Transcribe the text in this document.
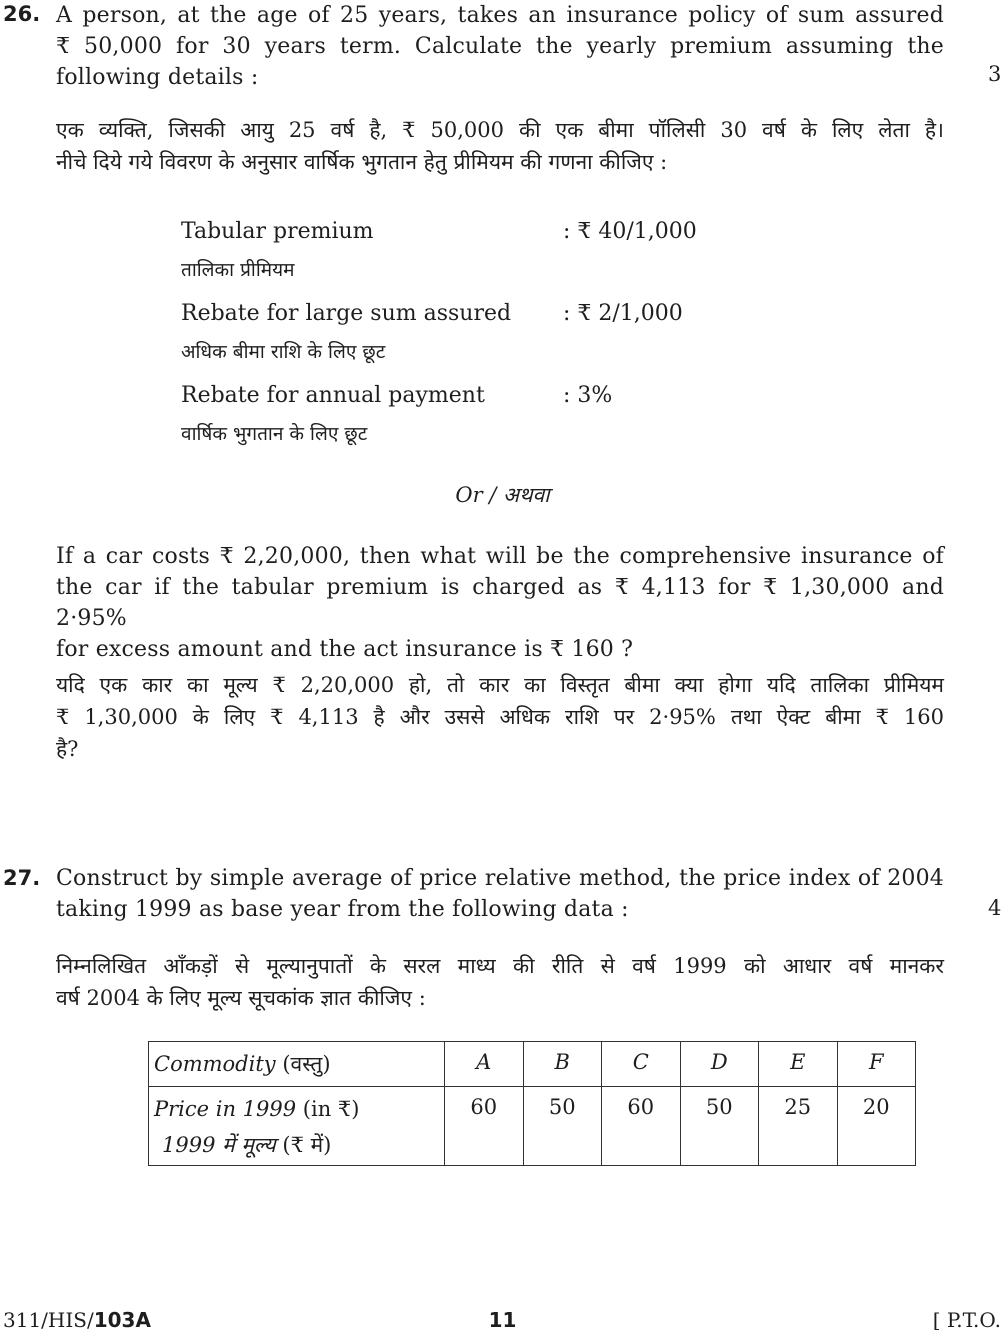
26.
3
A person, at the age of 25 years, takes an insurance policy of sum assured
₹ 50,000 for 30 years term. Calculate the yearly premium assuming the
following details :
एक व्यक्ति, जिसकी आयु 25 वर्ष है, ₹ 50,000 की एक बीमा पॉलिसी 30 वर्ष के लिए लेता है।
नीचे दिये गये विवरण के अनुसार वार्षिक भुगतान हेतु प्रीमियम की गणना कीजिए :
Tabular premium
तालिका प्रीमियम
: ₹ 40/1,000
Rebate for large sum assured
अधिक बीमा राशि के लिए छूट
: ₹ 2/1,000
Rebate for annual payment
वार्षिक भुगतान के लिए छूट
: 3%
Or / अथवा
If a car costs ₹ 2,20,000, then what will be the comprehensive insurance of
the car if the tabular premium is charged as ₹ 4,113 for ₹ 1,30,000 and 2·95%
for excess amount and the act insurance is ₹ 160 ?
यदि एक कार का मूल्य ₹ 2,20,000 हो, तो कार का विस्तृत बीमा क्या होगा यदि तालिका प्रीमियम
₹ 1,30,000 के लिए ₹ 4,113 है और उससे अधिक राशि पर 2·95% तथा ऐक्ट बीमा ₹ 160
है?
27.
4
Construct by simple average of price relative method, the price index of 2004
taking 1999 as base year from the following data :
निम्नलिखित आँकड़ों से मूल्यानुपातों के सरल माध्य की रीति से वर्ष 1999 को आधार वर्ष मानकर
वर्ष 2004 के लिए मूल्य सूचकांक ज्ञात कीजिए :
Commodity (वस्तु)	A	B	C	D	E	F

Price in 1999 (in ₹)
1999 में मूल्य (₹ में)	60	50	60	50	25	20
311/HIS/103A	11	[ P.T.O.
